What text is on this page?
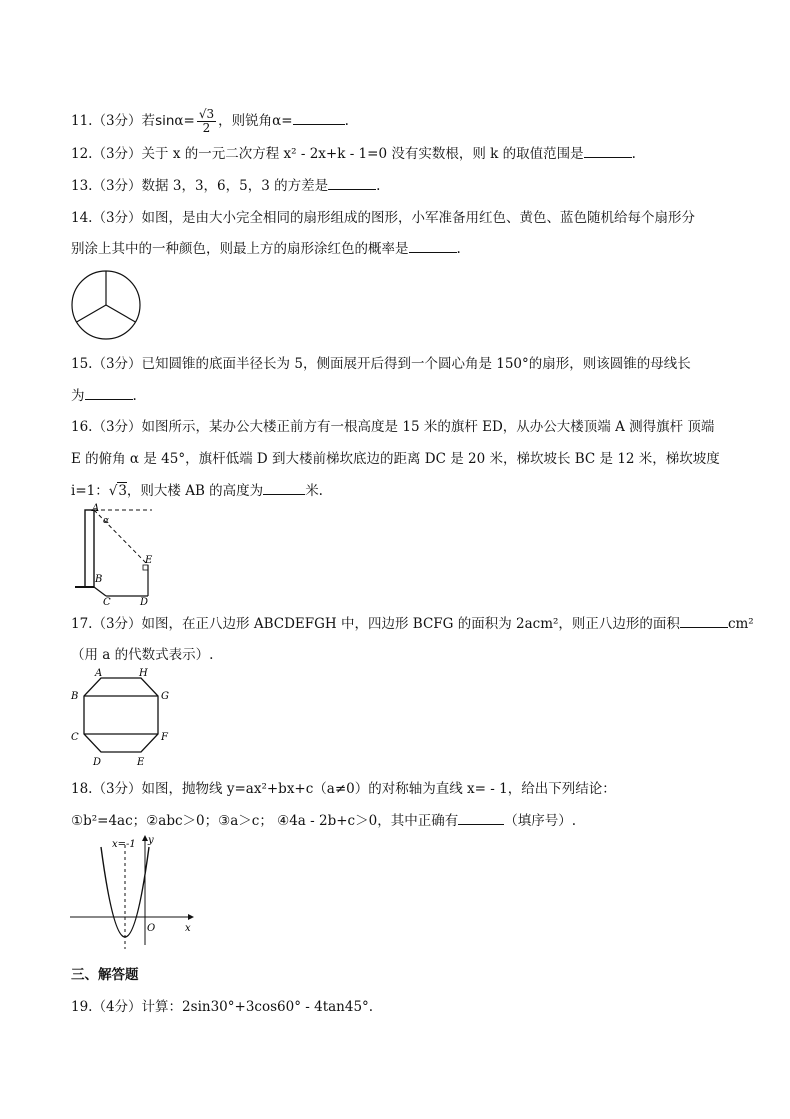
11.（3分）若$\sin\alpha= \frac{√3}{2}$ ，则锐角α=	.
12.（3分）关于 x 的一元二次方程 x² - 2x+k - 1=0 没有实数根，则 k 的取值范围是	.
13.（3分）数据 3，3，6，5，3 的方差是	.
14.（3分）如图，是由大小完全相同的扇形组成的图形，小军准备用红色、黄色、蓝色随机给每个扇形分
别涂上其中的一种颜色，则最上方的扇形涂红色的概率是	.
15.（3分）已知圆锥的底面半径长为 5，侧面展开后得到一个圆心角是 150°的扇形，则该圆锥的母线长
为	.
16.（3分）如图所示，某办公大楼正前方有一根高度是 15 米的旗杆 ED，从办公大楼顶端 A 测得旗杆 顶端
E 的俯角 α 是 45°，旗杆低端 D 到大楼前梯坎底边的距离 DC 是 20 米，梯坎坡长 BC 是 12 米，梯坎坡度
i=1：√3，则大楼 AB 的高度为	米.
A
α
B
C	D
E
17.（3分）如图，在正八边形 ABCDEFGH 中，四边形 BCFG 的面积为 2acm²，则正八边形的面积	cm²
（用 a 的代数式表示）.
A	H
B	G
C	F
D	E
18.（3分）如图，抛物线 y=ax²+bx+c（a≠0）的对称轴为直线 x= - 1，给出下列结论：
①b²=4ac；②abc＞0；③a＞c； ④4a - 2b+c＞0，其中正确有	（填序号）.
x=-1 y
x
O
三、解答题
19.（4分）计算：2sin30°+3cos60° - 4tan45°.
